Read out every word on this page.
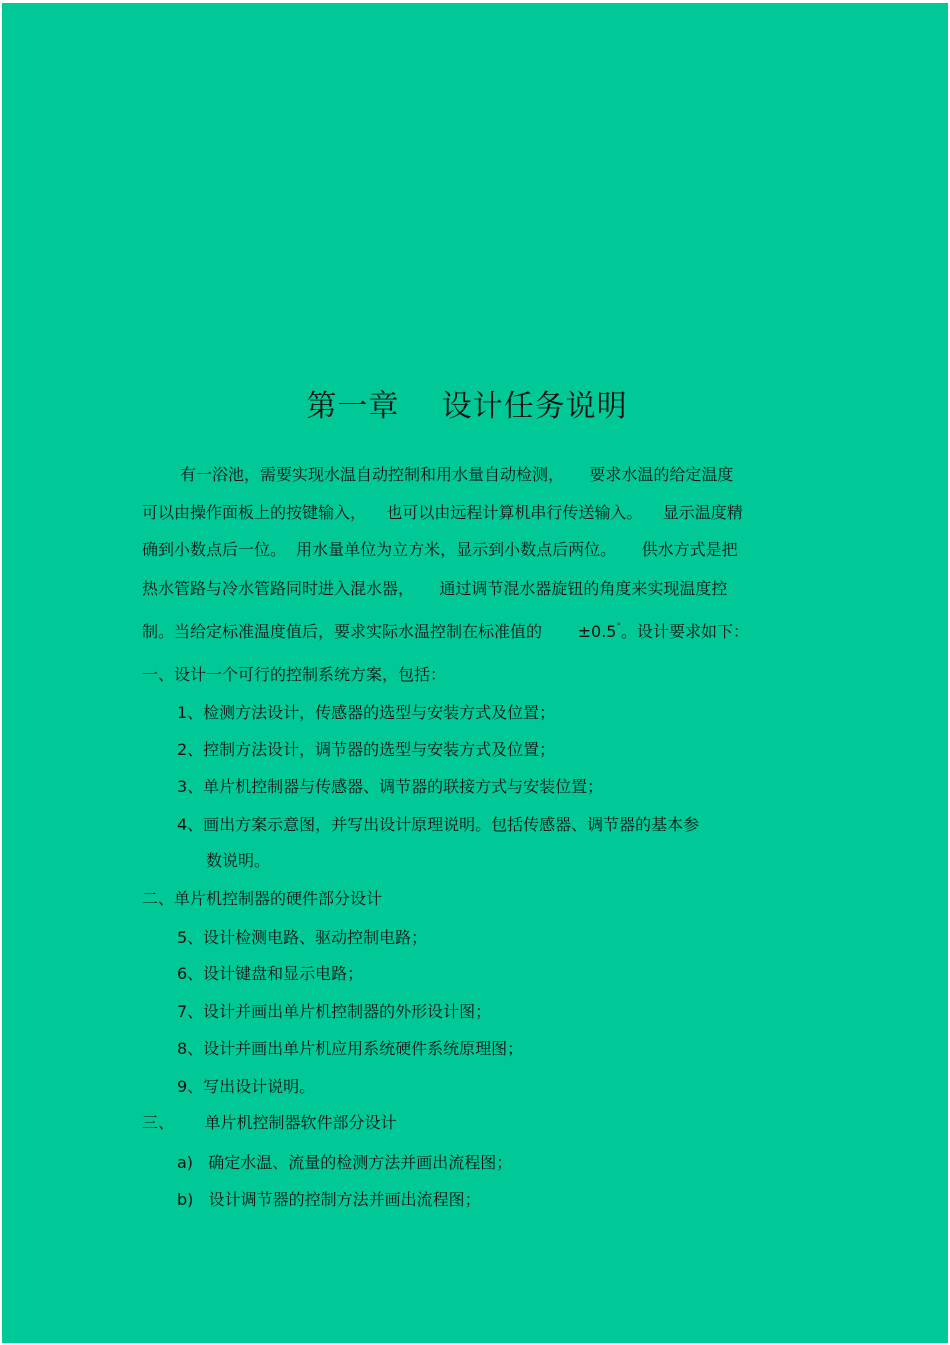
第一章    设计任务说明
有一浴池，需要实现水温自动控制和用水量自动检测，     要求水温的给定温度
可以由操作面板上的按键输入，    也可以由远程计算机串行传送输入。    显示温度精
确到小数点后一位。  用水量单位为立方米，显示到小数点后两位。     供水方式是把
热水管路与冷水管路同时进入混水器，     通过调节混水器旋钮的角度来实现温度控
制。当给定标准温度值后，要求实际水温控制在标准值的       ±0.5°。设计要求如下：
一、设计一个可行的控制系统方案，包括：
1、检测方法设计，传感器的选型与安装方式及位置；
2、控制方法设计，调节器的选型与安装方式及位置；
3、单片机控制器与传感器、调节器的联接方式与安装位置；
4、画出方案示意图，并写出设计原理说明。包括传感器、调节器的基本参
数说明。
二、单片机控制器的硬件部分设计
5、设计检测电路、驱动控制电路；
6、设计键盘和显示电路；
7、设计并画出单片机控制器的外形设计图；
8、设计并画出单片机应用系统硬件系统原理图；
9、写出设计说明。
三、      单片机控制器软件部分设计
a)   确定水温、流量的检测方法并画出流程图；
b)   设计调节器的控制方法并画出流程图；
